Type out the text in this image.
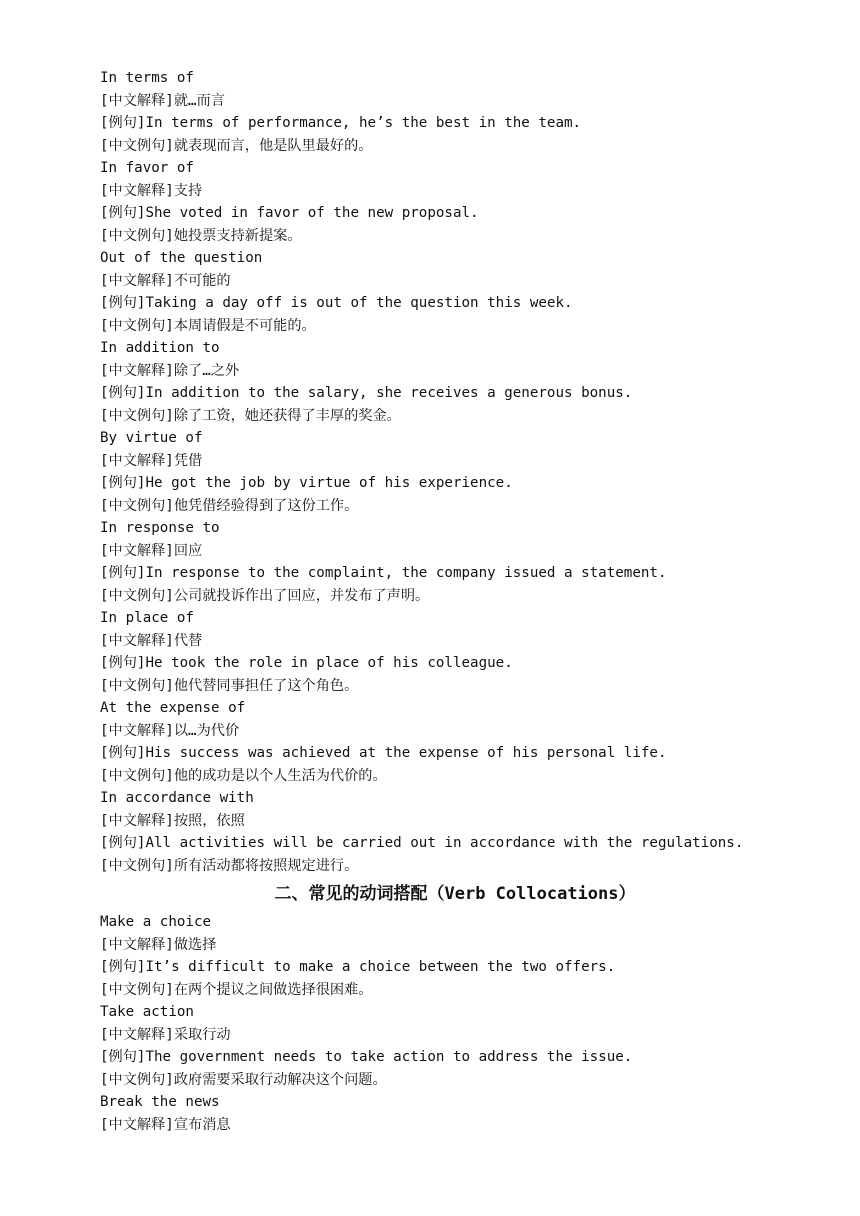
In terms of
[中文解释]就…而言
[例句]In terms of performance, he’s the best in the team.
[中文例句]就表现而言，他是队里最好的。
In favor of
[中文解释]支持
[例句]She voted in favor of the new proposal.
[中文例句]她投票支持新提案。
Out of the question
[中文解释]不可能的
[例句]Taking a day off is out of the question this week.
[中文例句]本周请假是不可能的。
In addition to
[中文解释]除了…之外
[例句]In addition to the salary, she receives a generous bonus.
[中文例句]除了工资，她还获得了丰厚的奖金。
By virtue of
[中文解释]凭借
[例句]He got the job by virtue of his experience.
[中文例句]他凭借经验得到了这份工作。
In response to
[中文解释]回应
[例句]In response to the complaint, the company issued a statement.
[中文例句]公司就投诉作出了回应，并发布了声明。
In place of
[中文解释]代替
[例句]He took the role in place of his colleague.
[中文例句]他代替同事担任了这个角色。
At the expense of
[中文解释]以…为代价
[例句]His success was achieved at the expense of his personal life.
[中文例句]他的成功是以个人生活为代价的。
In accordance with
[中文解释]按照，依照
[例句]All activities will be carried out in accordance with the regulations.
[中文例句]所有活动都将按照规定进行。
二、常见的动词搭配（Verb Collocations）
Make a choice
[中文解释]做选择
[例句]It’s difficult to make a choice between the two offers.
[中文例句]在两个提议之间做选择很困难。
Take action
[中文解释]采取行动
[例句]The government needs to take action to address the issue.
[中文例句]政府需要采取行动解决这个问题。
Break the news
[中文解释]宣布消息
